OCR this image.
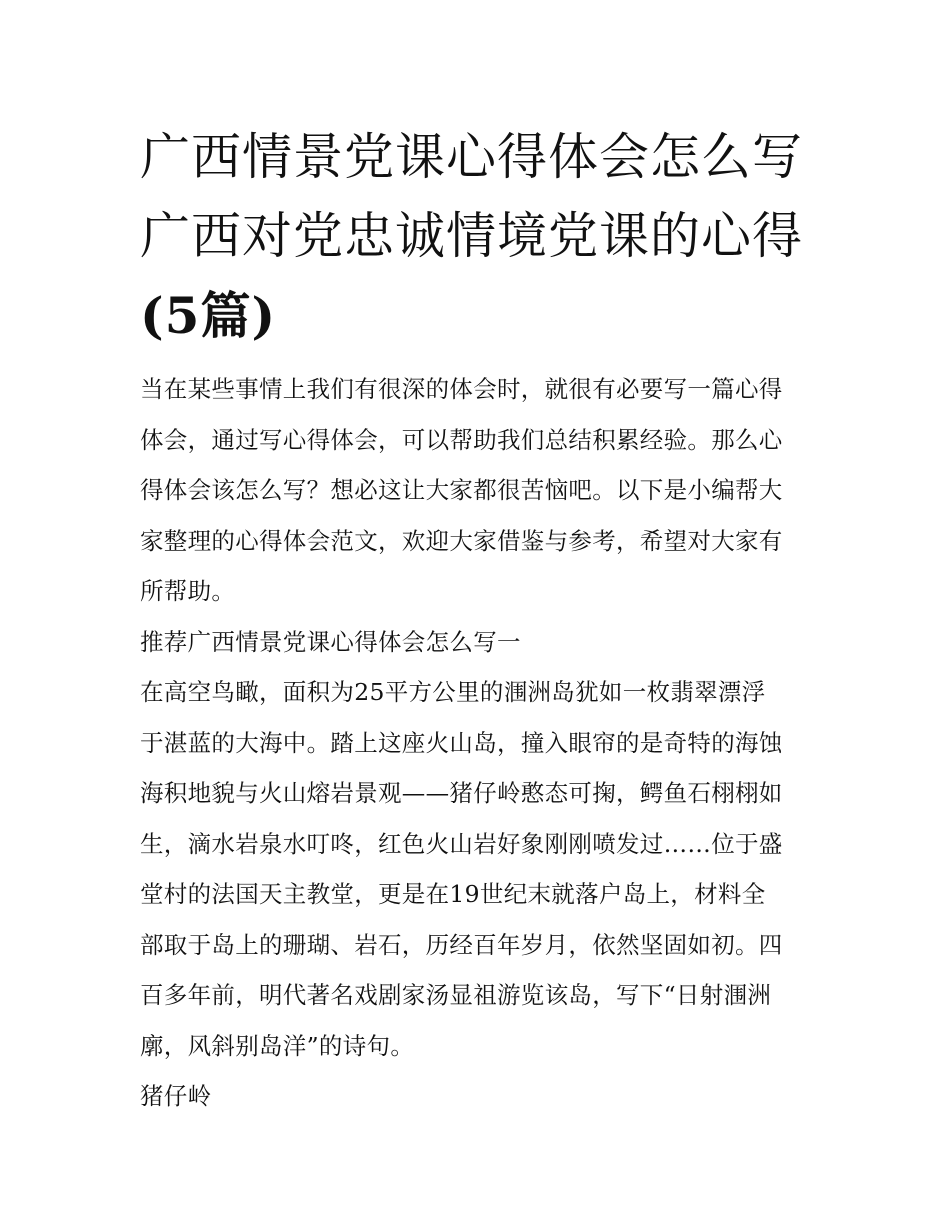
广西情景党课心得体会怎么写
广西对党忠诚情境党课的心得
(5篇)

当在某些事情上我们有很深的体会时，就很有必要写一篇心得
体会，通过写心得体会，可以帮助我们总结积累经验。那么心
得体会该怎么写？想必这让大家都很苦恼吧。以下是小编帮大
家整理的心得体会范文，欢迎大家借鉴与参考，希望对大家有
所帮助。

推荐广西情景党课心得体会怎么写一

在高空鸟瞰，面积为25平方公里的涠洲岛犹如一枚翡翠漂浮
于湛蓝的大海中。踏上这座火山岛，撞入眼帘的是奇特的海蚀
海积地貌与火山熔岩景观——猪仔岭憨态可掬，鳄鱼石栩栩如
生，滴水岩泉水叮咚，红色火山岩好象刚刚喷发过……位于盛
堂村的法国天主教堂，更是在19世纪末就落户岛上，材料全
部取于岛上的珊瑚、岩石，历经百年岁月，依然坚固如初。四
百多年前，明代著名戏剧家汤显祖游览该岛，写下“日射涠洲
廓，风斜别岛洋”的诗句。

猪仔岭
